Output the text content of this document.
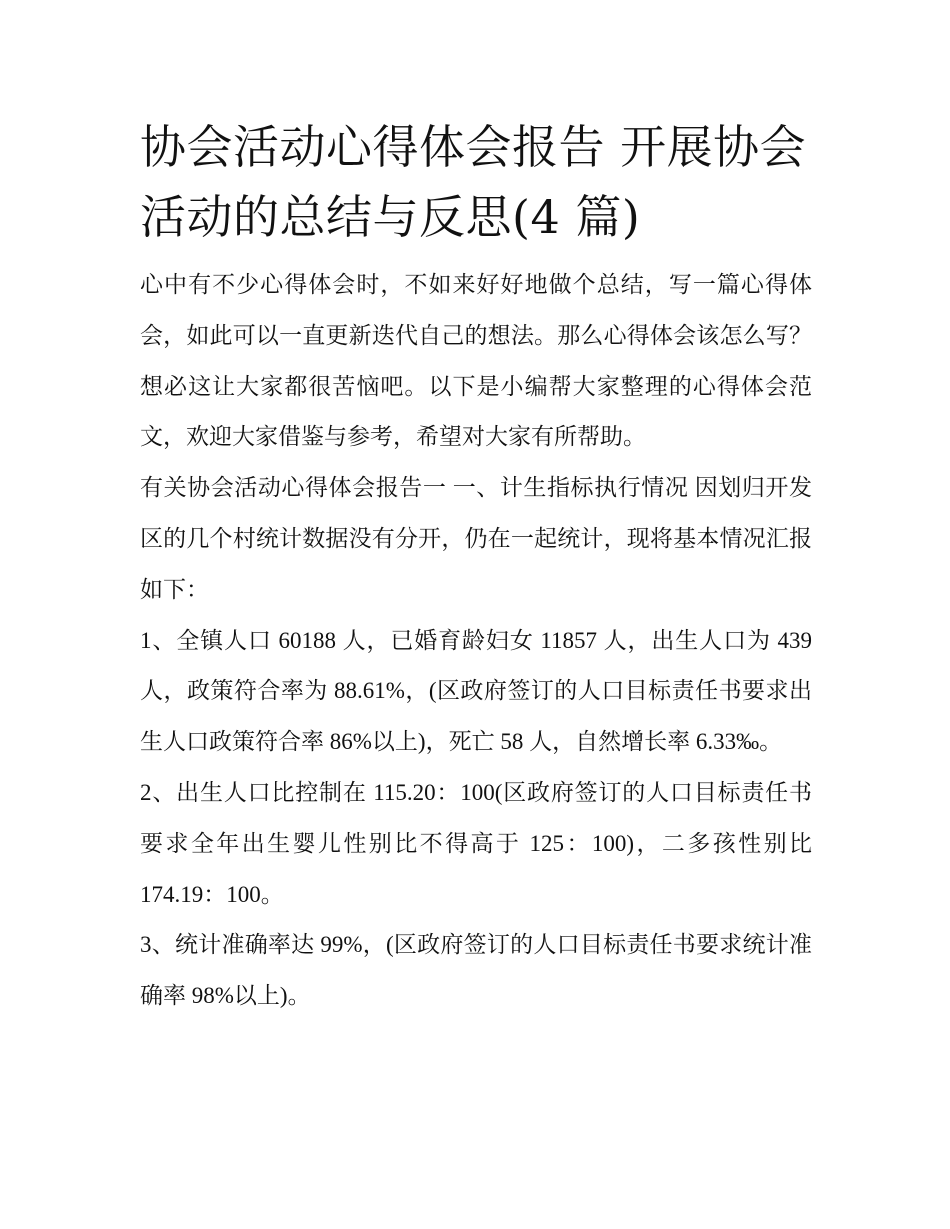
协会活动心得体会报告 开展协会活动的总结与反思(4 篇)

心中有不少心得体会时，不如来好好地做个总结，写一篇心得体会，如此可以一直更新迭代自己的想法。那么心得体会该怎么写？想必这让大家都很苦恼吧。以下是小编帮大家整理的心得体会范文，欢迎大家借鉴与参考，希望对大家有所帮助。

有关协会活动心得体会报告一 一、计生指标执行情况 因划归开发区的几个村统计数据没有分开，仍在一起统计，现将基本情况汇报如下：

1、全镇人口 60188 人，已婚育龄妇女 11857 人，出生人口为 439 人，政策符合率为 88.61%，(区政府签订的人口目标责任书要求出生人口政策符合率 86%以上)，死亡 58 人，自然增长率 6.33‰。

2、出生人口比控制在 115.20：100(区政府签订的人口目标责任书要求全年出生婴儿性别比不得高于 125：100)，二多孩性别比 174.19：100。

3、统计准确率达 99%，(区政府签订的人口目标责任书要求统计准确率 98%以上)。
